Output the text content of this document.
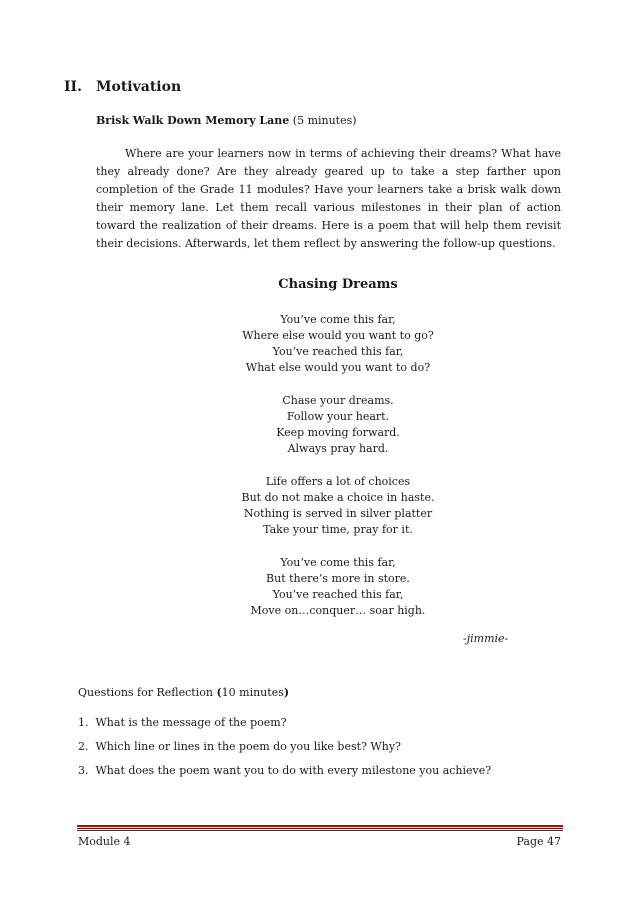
II. Motivation
Brisk Walk Down Memory Lane (5 minutes)

Where are your learners now in terms of achieving their dreams? What have they already done? Are they already geared up to take a step farther upon completion of the Grade 11 modules? Have your learners take a brisk walk down their memory lane. Let them recall various milestones in their plan of action toward the realization of their dreams. Here is a poem that will help them revisit their decisions. Afterwards, let them reflect by answering the follow-up questions.

Chasing Dreams
You’ve come this far,
Where else would you want to go?
You’ve reached this far,
What else would you want to do?
Chase your dreams.
Follow your heart.
Keep moving forward.
Always pray hard.
Life offers a lot of choices
But do not make a choice in haste.
Nothing is served in silver platter
Take your time, pray for it.
You’ve come this far,
But there’s more in store.
You’ve reached this far,
Move on…conquer… soar high.
-jimmie-
Questions for Reflection (10 minutes)
1. What is the message of the poem?
2. Which line or lines in the poem do you like best? Why?
3. What does the poem want you to do with every milestone you achieve?
Module 4	Page 47
